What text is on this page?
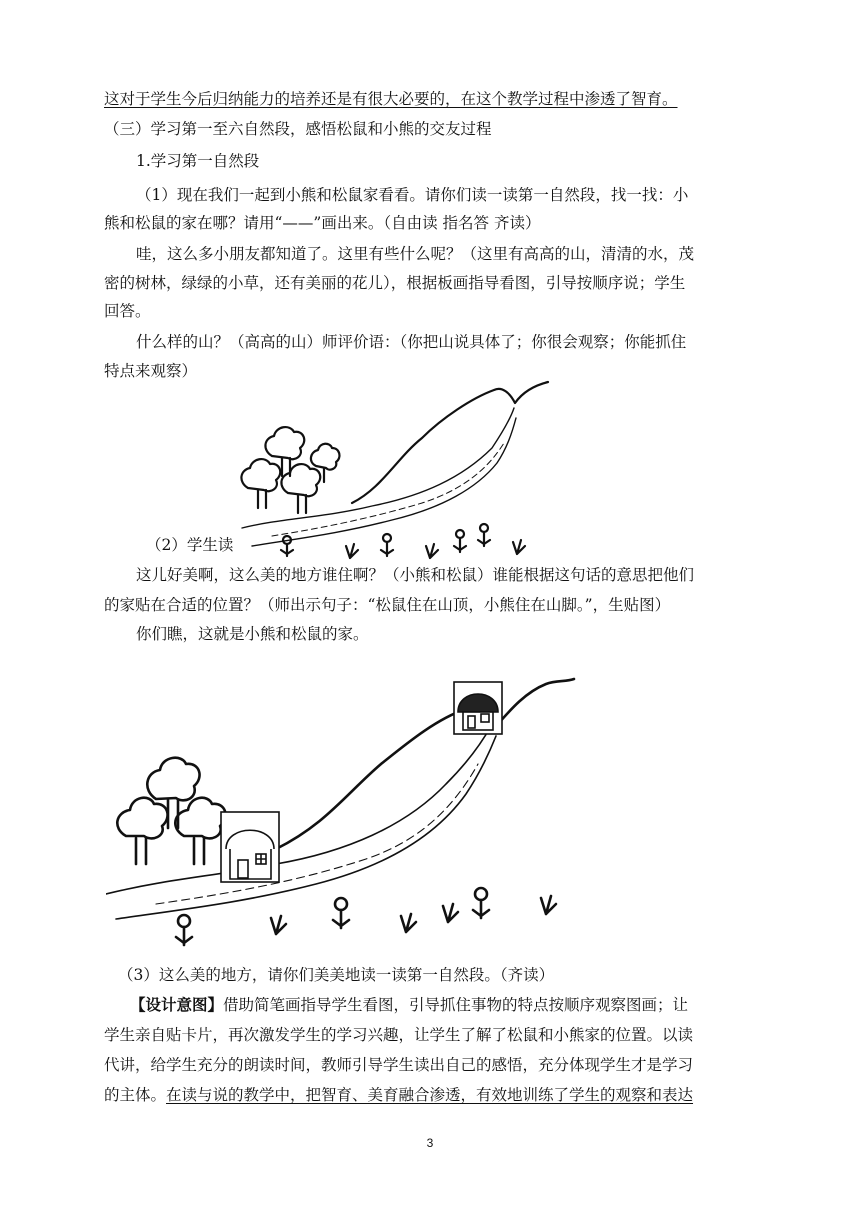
这对于学生今后归纳能力的培养还是有很大必要的，在这个教学过程中渗透了智育。
（三）学习第一至六自然段，感悟松鼠和小熊的交友过程
1.学习第一自然段
（1）现在我们一起到小熊和松鼠家看看。请你们读一读第一自然段，找一找：小
熊和松鼠的家在哪？请用“——”画出来。（自由读 指名答 齐读）
哇，这么多小朋友都知道了。这里有些什么呢？（这里有高高的山，清清的水，茂
密的树林，绿绿的小草，还有美丽的花儿），根据板画指导看图，引导按顺序说；学生
回答。
什么样的山？（高高的山）师评价语：（你把山说具体了；你很会观察；你能抓住
特点来观察）
（2）学生读
这儿好美啊，这么美的地方谁住啊？（小熊和松鼠）谁能根据这句话的意思把他们
的家贴在合适的位置？（师出示句子：“松鼠住在山顶，小熊住在山脚。”，生贴图）
你们瞧，这就是小熊和松鼠的家。
（3）这么美的地方，请你们美美地读一读第一自然段。（齐读）
【设计意图】借助简笔画指导学生看图，引导抓住事物的特点按顺序观察图画；让
学生亲自贴卡片，再次激发学生的学习兴趣，让学生了解了松鼠和小熊家的位置。以读
代讲，给学生充分的朗读时间，教师引导学生读出自己的感悟，充分体现学生才是学习
的主体。在读与说的教学中，把智育、美育融合渗透，有效地训练了学生的观察和表达
3
